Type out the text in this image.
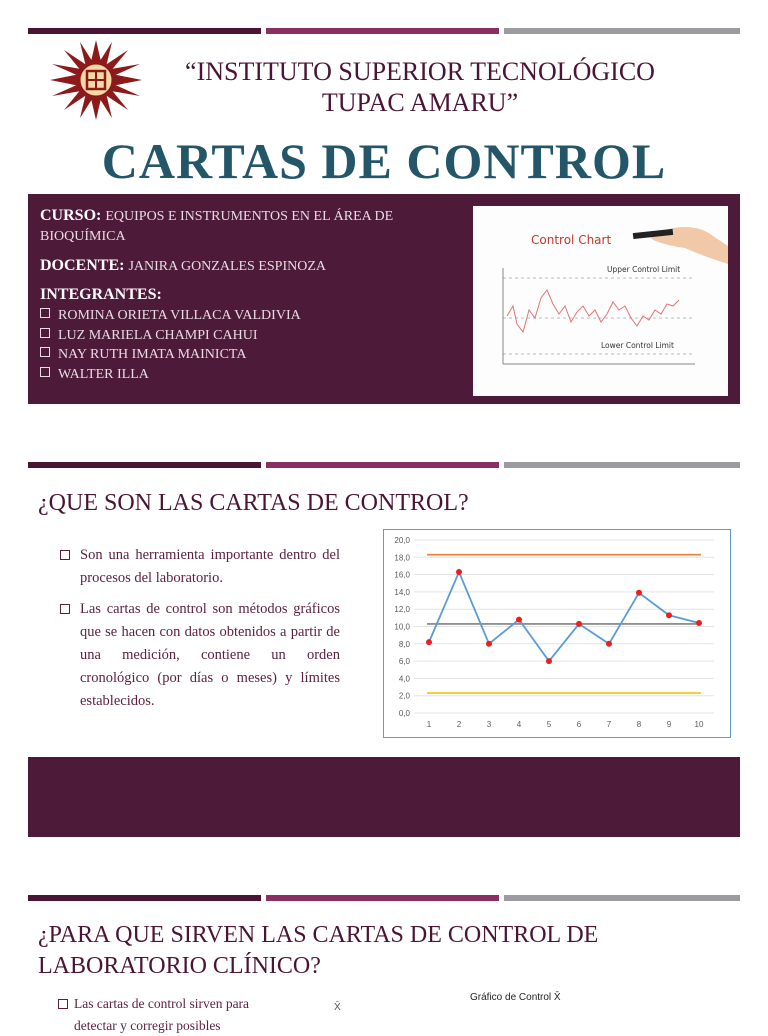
“INSTITUTO SUPERIOR TECNOLÓGICO
TUPAC AMARU”
CARTAS DE CONTROL
CURSO: EQUIPOS E INSTRUMENTOS EN EL ÁREA DE BIOQUÍMICA
DOCENTE: JANIRA GONZALES ESPINOZA
INTEGRANTES:
ROMINA ORIETA VILLACA VALDIVIA
LUZ MARIELA CHAMPI CAHUI
NAY RUTH IMATA MAINICTA
WALTER ILLA
Control Chart
Upper Control Limit
Lower Control Limit
¿QUE SON LAS CARTAS DE CONTROL?

Son una herramienta importante dentro del procesos del laboratorio.

Las cartas de control son métodos gráficos que se hacen con datos obtenidos a partir de una medición, contiene un orden cronológico (por días o meses) y límites establecidos.

0,0
2,0
4,0
6,0
8,0
10,0
12,0
14,0
16,0
18,0
20,0
1	2	3	4	5	6	7	8	9	10
¿PARA QUE SIRVEN LAS CARTAS DE CONTROL DE
LABORATORIO CLÍNICO?

Las cartas de control sirven para

detectar y corregir posibles
X̄
Gráfico de Control X̄
